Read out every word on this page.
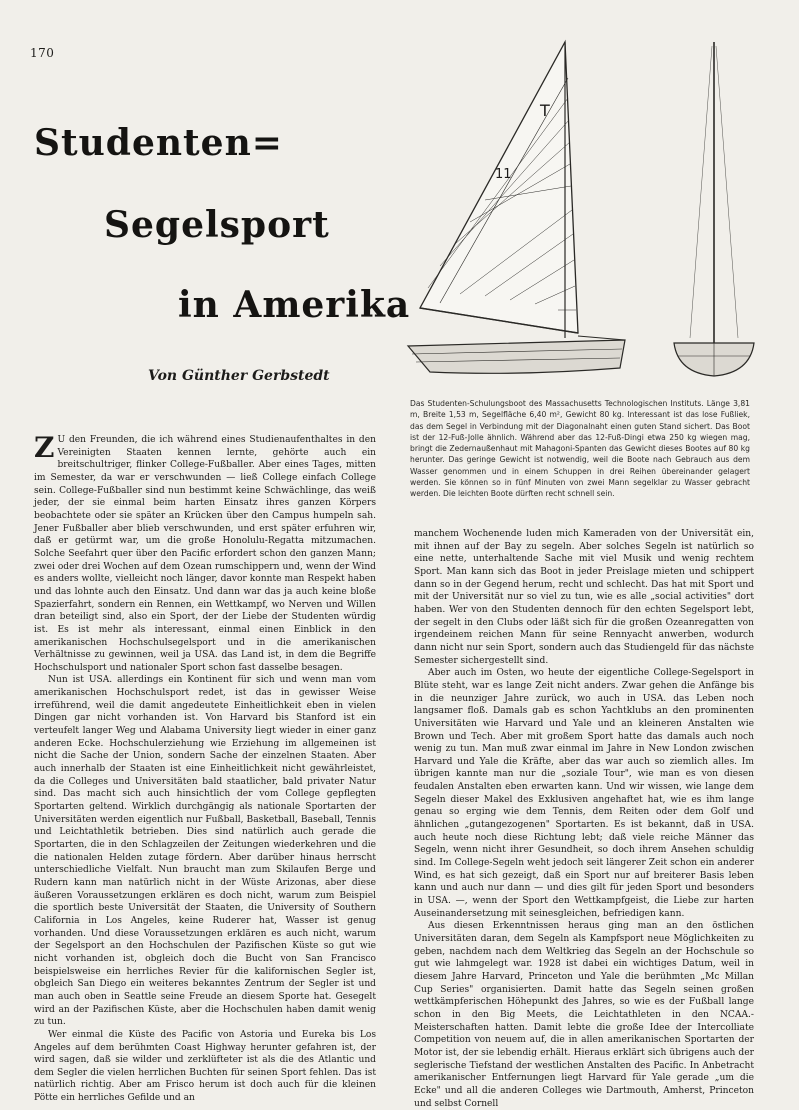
170
Studenten=
Segelsport
in Amerika
Von Günther Gerbstedt
T
11
Das Studenten-Schulungsboot des Massachusetts Technologischen Instituts. Länge 3,81 m, Breite 1,53 m, Segelfläche 6,40 m², Gewicht 80 kg. Interessant ist das lose Fußliek, das dem Segel in Verbindung mit der Diagonalnaht einen guten Stand sichert. Das Boot ist der 12-Fuß-Jolle ähnlich. Während aber das 12-Fuß-Dingi etwa 250 kg wiegen mag, bringt die Zedernaußenhaut mit Mahagoni-Spanten das Gewicht dieses Bootes auf 80 kg herunter. Das geringe Gewicht ist notwendig, weil die Boote nach Gebrauch aus dem Wasser genommen und in einem Schuppen in drei Reihen übereinander gelagert werden. Sie können so in fünf Minuten von zwei Mann segelklar zu Wasser gebracht werden. Die leichten Boote dürften recht schnell sein.

Z U den Freunden, die ich während eines Studienaufenthaltes in den Vereinigten Staaten kennen lernte, gehörte auch ein breitschultriger, flinker College-Fußballer. Aber eines Tages, mitten im Semester, da war er verschwunden — ließ College einfach College sein. College-Fußballer sind nun bestimmt keine Schwächlinge, das weiß jeder, der sie einmal beim harten Einsatz ihres ganzen Körpers beobachtete oder sie später an Krücken über den Campus humpeln sah. Jener Fußballer aber blieb verschwunden, und erst später erfuhren wir, daß er getürmt war, um die große Honolulu-Regatta mitzumachen. Solche Seefahrt quer über den Pacific erfordert schon den ganzen Mann; zwei oder drei Wochen auf dem Ozean rumschippern und, wenn der Wind es anders wollte, vielleicht noch länger, davor konnte man Respekt haben und das lohnte auch den Einsatz. Und dann war das ja auch keine bloße Spazierfahrt, sondern ein Rennen, ein Wettkampf, wo Nerven und Willen dran beteiligt sind, also ein Sport, der der Liebe der Studenten würdig ist. Es ist mehr als interessant, einmal einen Einblick in den amerikanischen Hochschulsegelsport und in die amerikanischen Verhältnisse zu gewinnen, weil ja USA. das Land ist, in dem die Begriffe Hochschulsport und nationaler Sport schon fast dasselbe besagen.

Nun ist USA. allerdings ein Kontinent für sich und wenn man vom amerikanischen Hochschulsport redet, ist das in gewisser Weise irreführend, weil die damit angedeutete Einheitlichkeit eben in vielen Dingen gar nicht vorhanden ist. Von Harvard bis Stanford ist ein verteufelt langer Weg und Alabama University liegt wieder in einer ganz anderen Ecke. Hochschulerziehung wie Erziehung im allgemeinen ist nicht die Sache der Union, sondern Sache der einzelnen Staaten. Aber auch innerhalb der Staaten ist eine Einheitlichkeit nicht gewährleistet, da die Colleges und Universitäten bald staatlicher, bald privater Natur sind. Das macht sich auch hinsichtlich der vom College gepflegten Sportarten geltend. Wirklich durchgängig als nationale Sportarten der Universitäten werden eigentlich nur Fußball, Basketball, Baseball, Tennis und Leichtathletik betrieben. Dies sind natürlich auch gerade die Sportarten, die in den Schlagzeilen der Zeitungen wiederkehren und die die nationalen Helden zutage fördern. Aber darüber hinaus herrscht unterschiedliche Vielfalt. Nun braucht man zum Skilaufen Berge und Rudern kann man natürlich nicht in der Wüste Arizonas, aber diese äußeren Voraussetzungen erklären es doch nicht, warum zum Beispiel die sportlich beste Universität der Staaten, die University of Southern California in Los Angeles, keine Ruderer hat, Wasser ist genug vorhanden. Und diese Voraussetzungen erklären es auch nicht, warum der Segelsport an den Hochschulen der Pazifischen Küste so gut wie nicht vorhanden ist, obgleich doch die Bucht von San Francisco beispielsweise ein herrliches Revier für die kalifornischen Segler ist, obgleich San Diego ein weiteres bekanntes Zentrum der Segler ist und man auch oben in Seattle seine Freude an diesem Sporte hat. Gesegelt wird an der Pazifischen Küste, aber die Hochschulen haben damit wenig zu tun.

Wer einmal die Küste des Pacific von Astoria und Eureka bis Los Angeles auf dem berühmten Coast Highway herunter gefahren ist, der wird sagen, daß sie wilder und zerklüfteter ist als die des Atlantic und dem Segler die vielen herrlichen Buchten für seinen Sport fehlen. Das ist natürlich richtig. Aber am Frisco herum ist doch auch für die kleinen Pötte ein herrliches Gefilde und an

manchem Wochenende luden mich Kameraden von der Universität ein, mit ihnen auf der Bay zu segeln. Aber solches Segeln ist natürlich so eine nette, unterhaltende Sache mit viel Musik und wenig rechtem Sport. Man kann sich das Boot in jeder Preislage mieten und schippert dann so in der Gegend herum, recht und schlecht. Das hat mit Sport und mit der Universität nur so viel zu tun, wie es alle „social activities" dort haben. Wer von den Studenten dennoch für den echten Segelsport lebt, der segelt in den Clubs oder läßt sich für die großen Ozeanregatten von irgendeinem reichen Mann für seine Rennyacht anwerben, wodurch dann nicht nur sein Sport, sondern auch das Studiengeld für das nächste Semester sichergestellt sind.

Aber auch im Osten, wo heute der eigentliche College-Segelsport in Blüte steht, war es lange Zeit nicht anders. Zwar gehen die Anfänge bis in die neunziger Jahre zurück, wo auch in USA. das Leben noch langsamer floß. Damals gab es schon Yachtklubs an den prominenten Universitäten wie Harvard und Yale und an kleineren Anstalten wie Brown und Tech. Aber mit großem Sport hatte das damals auch noch wenig zu tun. Man muß zwar einmal im Jahre in New London zwischen Harvard und Yale die Kräfte, aber das war auch so ziemlich alles. Im übrigen kannte man nur die „soziale Tour", wie man es von diesen feudalen Anstalten eben erwarten kann. Und wir wissen, wie lange dem Segeln dieser Makel des Exklusiven angehaftet hat, wie es ihm lange genau so erging wie dem Tennis, dem Reiten oder dem Golf und ähnlichen „gutangezogenen" Sportarten. Es ist bekannt, daß in USA. auch heute noch diese Richtung lebt; daß viele reiche Männer das Segeln, wenn nicht ihrer Gesundheit, so doch ihrem Ansehen schuldig sind. Im College-Segeln weht jedoch seit längerer Zeit schon ein anderer Wind, es hat sich gezeigt, daß ein Sport nur auf breiterer Basis leben kann und auch nur dann — und dies gilt für jeden Sport und besonders in USA. —, wenn der Sport den Wettkampfgeist, die Liebe zur harten Auseinandersetzung mit seinesgleichen, befriedigen kann.

Aus diesen Erkenntnissen heraus ging man an den östlichen Universitäten daran, dem Segeln als Kampfsport neue Möglichkeiten zu geben, nachdem nach dem Weltkrieg das Segeln an der Hochschule so gut wie lahmgelegt war. 1928 ist dabei ein wichtiges Datum, weil in diesem Jahre Harvard, Princeton und Yale die berühmten „Mc Millan Cup Series" organisierten. Damit hatte das Segeln seinen großen wettkämpferischen Höhepunkt des Jahres, so wie es der Fußball lange schon in den Big Meets, die Leichtathleten in den NCAA.-Meisterschaften hatten. Damit lebte die große Idee der Intercolliate Competition von neuem auf, die in allen amerikanischen Sportarten der Motor ist, der sie lebendig erhält. Hieraus erklärt sich übrigens auch der seglerische Tiefstand der westlichen Anstalten des Pacific. In Anbetracht amerikanischer Entfernungen liegt Harvard für Yale gerade „um die Ecke" und all die anderen Colleges wie Dartmouth, Amherst, Princeton und selbst Cornell
